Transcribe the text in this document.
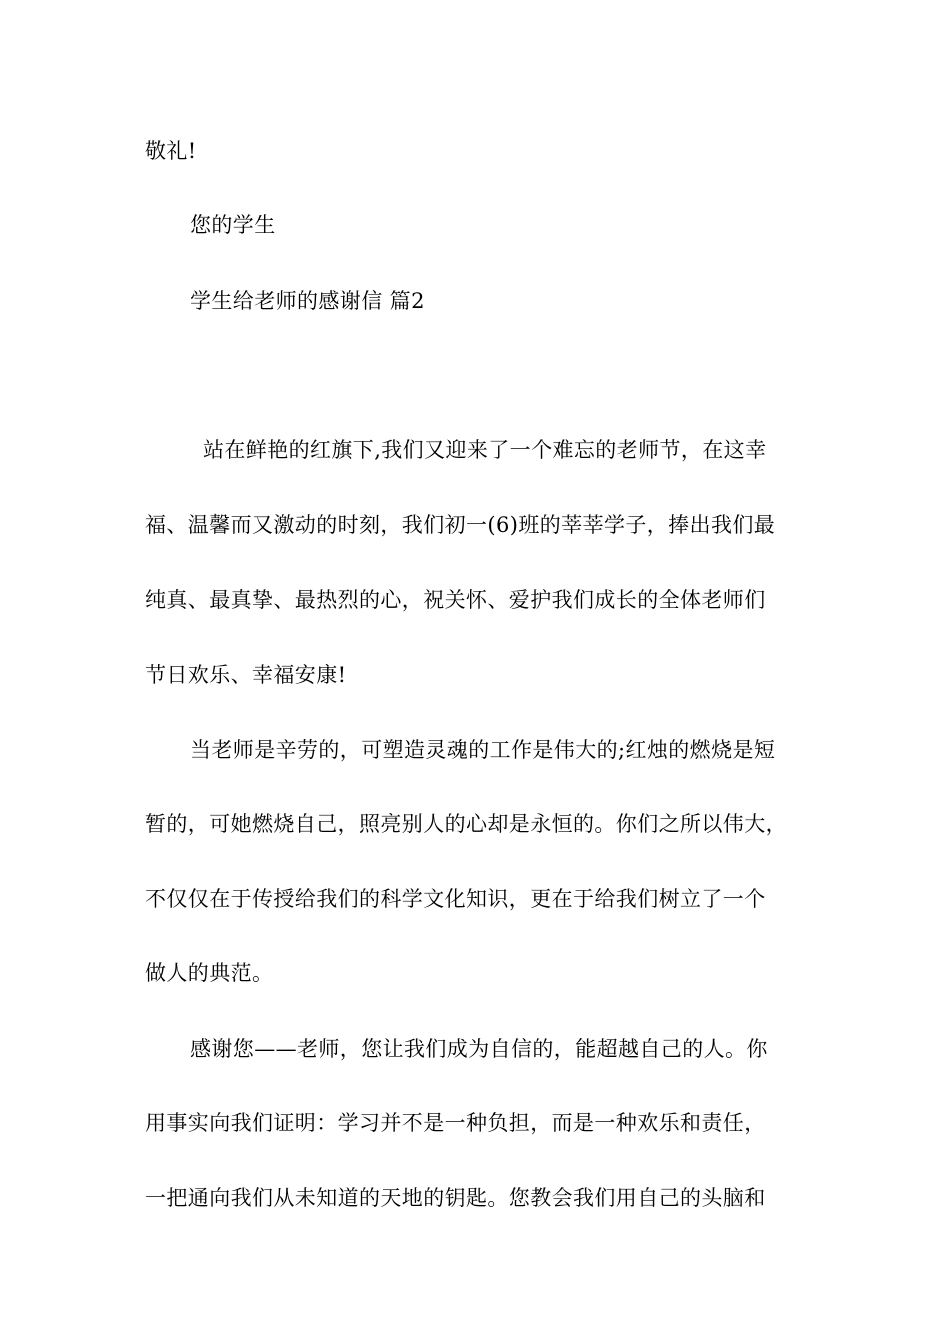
敬礼!
您的学生
学生给老师的感谢信 篇2
站在鲜艳的红旗下,我们又迎来了一个难忘的老师节，在这幸
福、温馨而又激动的时刻，我们初一(6)班的莘莘学子，捧出我们最
纯真、最真挚、最热烈的心，祝关怀、爱护我们成长的全体老师们
节日欢乐、幸福安康!
当老师是辛劳的，可塑造灵魂的工作是伟大的;红烛的燃烧是短
暂的，可她燃烧自己，照亮别人的心却是永恒的。你们之所以伟大，
不仅仅在于传授给我们的科学文化知识，更在于给我们树立了一个
做人的典范。
感谢您——老师，您让我们成为自信的，能超越自己的人。你
用事实向我们证明：学习并不是一种负担，而是一种欢乐和责任，
一把通向我们从未知道的天地的钥匙。您教会我们用自己的头脑和
